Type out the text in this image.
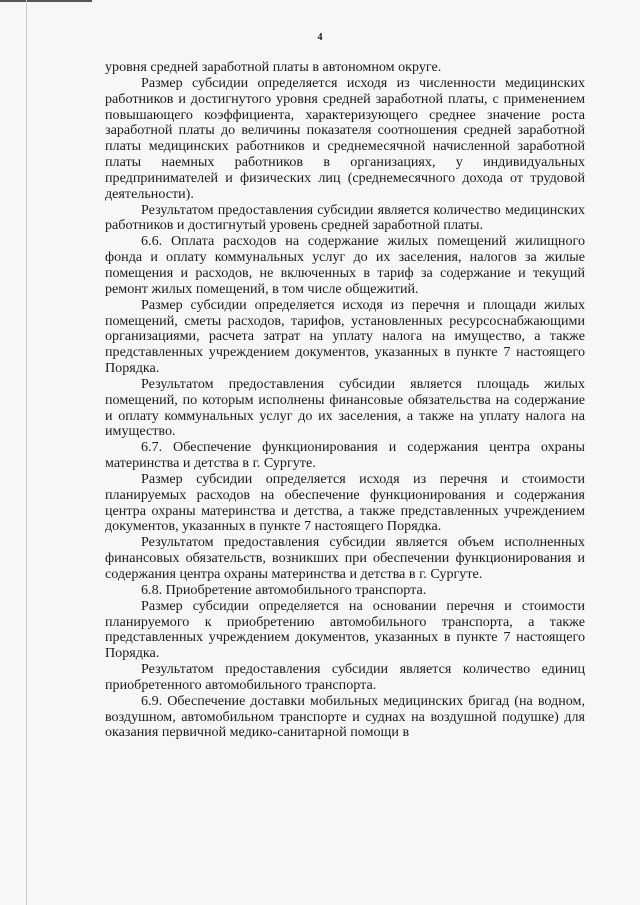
4

уровня средней заработной платы в автономном округе.

Размер субсидии определяется исходя из численности медицинских работников и достигнутого уровня средней заработной платы, с применением повышающего коэффициента, характеризующего среднее значение роста заработной платы до величины показателя соотношения средней заработной платы медицинских работников и среднемесячной начисленной заработной платы наемных работников в организациях, у индивидуальных предпринимателей и физических лиц (среднемесячного дохода от трудовой деятельности).

Результатом предоставления субсидии является количество медицинских работников и достигнутый уровень средней заработной платы.

6.6. Оплата расходов на содержание жилых помещений жилищного фонда и оплату коммунальных услуг до их заселения, налогов за жилые помещения и расходов, не включенных в тариф за содержание и текущий ремонт жилых помещений, в том числе общежитий.

Размер субсидии определяется исходя из перечня и площади жилых помещений, сметы расходов, тарифов, установленных ресурсоснабжающими организациями, расчета затрат на уплату налога на имущество, а также представленных учреждением документов, указанных в пункте 7 настоящего Порядка.

Результатом предоставления субсидии является площадь жилых помещений, по которым исполнены финансовые обязательства на содержание и оплату коммунальных услуг до их заселения, а также на уплату налога на имущество.

6.7. Обеспечение функционирования и содержания центра охраны материнства и детства в г. Сургуте.

Размер субсидии определяется исходя из перечня и стоимости планируемых расходов на обеспечение функционирования и содержания центра охраны материнства и детства, а также представленных учреждением документов, указанных в пункте 7 настоящего Порядка.

Результатом предоставления субсидии является объем исполненных финансовых обязательств, возникших при обеспечении функционирования и содержания центра охраны материнства и детства в г. Сургуте.

6.8. Приобретение автомобильного транспорта.

Размер субсидии определяется на основании перечня и стоимости планируемого к приобретению автомобильного транспорта, а также представленных учреждением документов, указанных в пункте 7 настоящего Порядка.

Результатом предоставления субсидии является количество единиц приобретенного автомобильного транспорта.

6.9. Обеспечение доставки мобильных медицинских бригад (на водном, воздушном, автомобильном транспорте и суднах на воздушной подушке) для оказания первичной медико-санитарной помощи в
